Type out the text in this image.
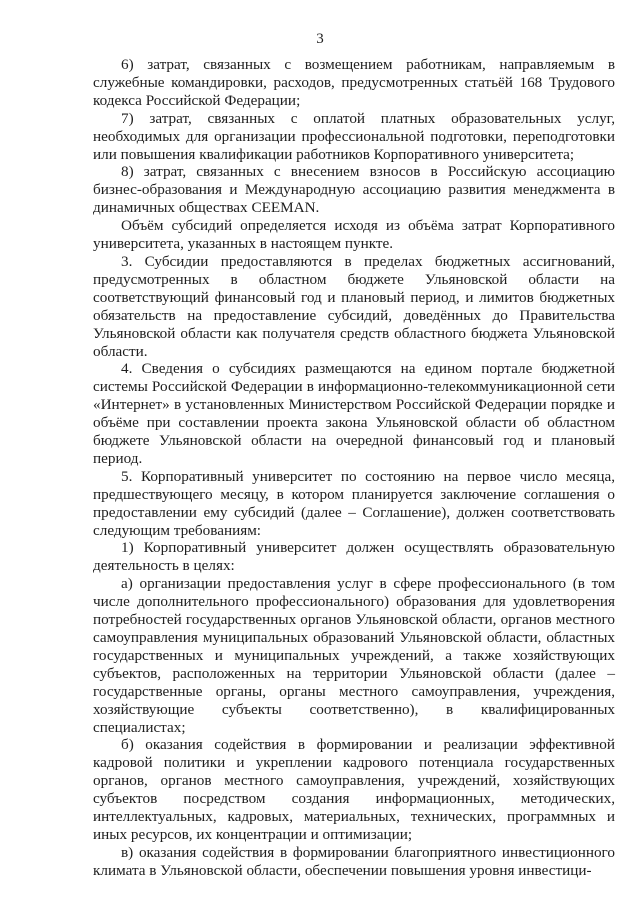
3

6) затрат, связанных с возмещением работникам, направляемым в служебные командировки, расходов, предусмотренных статьёй 168 Трудового кодекса Российской Федерации;

7) затрат, связанных с оплатой платных образовательных услуг, необходимых для организации профессиональной подготовки, переподготовки или повышения квалификации работников Корпоративного университета;

8) затрат, связанных с внесением взносов в Российскую ассоциацию бизнес-образования и Международную ассоциацию развития менеджмента в динамичных обществах CEEMAN.

Объём субсидий определяется исходя из объёма затрат Корпоративного университета, указанных в настоящем пункте.

3. Субсидии предоставляются в пределах бюджетных ассигнований, предусмотренных в областном бюджете Ульяновской области на соответствующий финансовый год и плановый период, и лимитов бюджетных обязательств на предоставление субсидий, доведённых до Правительства Ульяновской области как получателя средств областного бюджета Ульяновской области.

4. Сведения о субсидиях размещаются на едином портале бюджетной системы Российской Федерации в информационно-телекоммуникационной сети «Интернет» в установленных Министерством Российской Федерации порядке и объёме при составлении проекта закона Ульяновской области об областном бюджете Ульяновской области на очередной финансовый год и плановый период.

5. Корпоративный университет по состоянию на первое число месяца, предшествующего месяцу, в котором планируется заключение соглашения о предоставлении ему субсидий (далее – Соглашение), должен соответствовать следующим требованиям:

1) Корпоративный университет должен осуществлять образовательную деятельность в целях:

а) организации предоставления услуг в сфере профессионального (в том числе дополнительного профессионального) образования для удовлетворения потребностей государственных органов Ульяновской области, органов местного самоуправления муниципальных образований Ульяновской области, областных государственных и муниципальных учреждений, а также хозяйствующих субъектов, расположенных на территории Ульяновской области (далее – государственные органы, органы местного самоуправления, учреждения, хозяйствующие субъекты соответственно), в квалифицированных специалистах;

б) оказания содействия в формировании и реализации эффективной кадровой политики и укреплении кадрового потенциала государственных органов, органов местного самоуправления, учреждений, хозяйствующих субъектов посредством создания информационных, методических, интеллектуальных, кадровых, материальных, технических, программных и иных ресурсов, их концентрации и оптимизации;

в) оказания содействия в формировании благоприятного инвестиционного климата в Ульяновской области, обеспечении повышения уровня инвестици-
